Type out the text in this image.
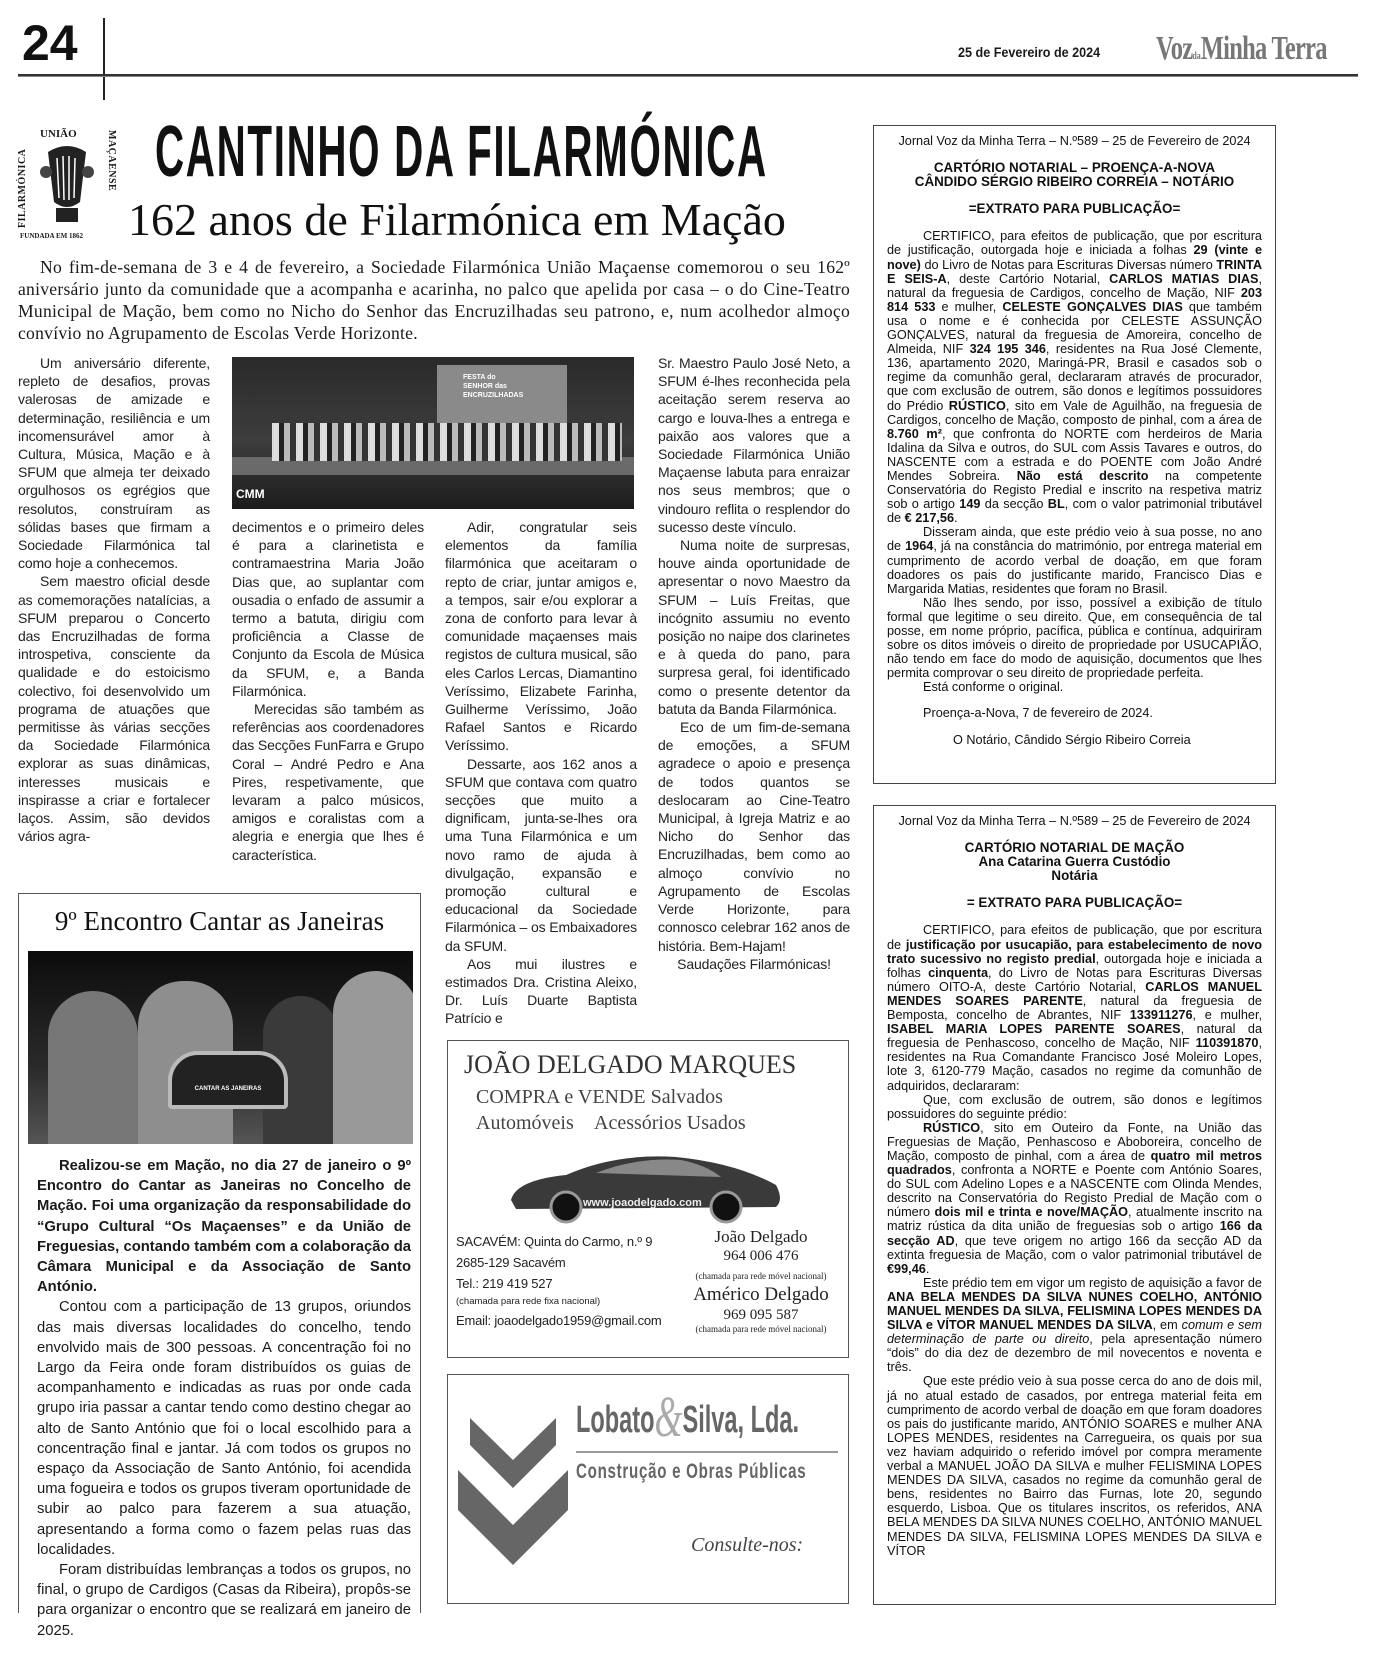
24	25 de Fevereiro de 2024 VozdaMinha Terra
UNIÃO
FILARMÓNICA	MAÇAENSE
FUNDADA EM 1862
CANTINHO DA FILARMÓNICA
162 anos de Filarmónica em Mação

No fim-de-semana de 3 e 4 de fevereiro, a Sociedade Filarmónica União Maçaense comemorou o seu 162º aniversário junto da comunidade que a acompanha e acarinha, no palco que apelida por casa – o do Cine-Teatro Municipal de Mação, bem como no Nicho do Senhor das Encruzilhadas seu patrono, e, num acolhedor almoço convívio no Agrupamento de Escolas Verde Horizonte.

FESTA do SENHOR das ENCRUZILHADAS
CMM

Um aniversário diferente, repleto de desafios, provas valerosas de amizade e determinação, resiliência e um incomensurável amor à Cultura, Música, Mação e à SFUM que almeja ter deixado orgulhosos os egrégios que resolutos, construíram as sólidas bases que firmam a Sociedade Filarmónica tal como hoje a conhecemos.

Sem maestro oficial desde as comemorações natalícias, a SFUM preparou o Concerto das Encruzilhadas de forma introspetiva, consciente da qualidade e do estoicismo colectivo, foi desenvolvido um programa de atuações que permitisse às várias secções da Sociedade Filarmónica explorar as suas dinâmicas, interesses musicais e inspirasse a criar e fortalecer laços. Assim, são devidos vários agra-

decimentos e o primeiro deles é para a clarinetista e contramaestrina Maria João Dias que, ao suplantar com ousadia o enfado de assumir a termo a batuta, dirigiu com proficiência a Classe de Conjunto da Escola de Música da SFUM, e, a Banda Filarmónica.

Merecidas são também as referências aos coordenadores das Secções FunFarra e Grupo Coral – André Pedro e Ana Pires, respetivamente, que levaram a palco músicos, amigos e coralistas com a alegria e energia que lhes é característica.

Adir, congratular seis elementos da família filarmónica que aceitaram o repto de criar, juntar amigos e, a tempos, sair e/ou explorar a zona de conforto para levar à comunidade maçaenses mais registos de cultura musical, são eles Carlos Lercas, Diamantino Veríssimo, Elizabete Farinha, Guilherme Veríssimo, João Rafael Santos e Ricardo Veríssimo.

Dessarte, aos 162 anos a SFUM que contava com quatro secções que muito a dignificam, junta-se-lhes ora uma Tuna Filarmónica e um novo ramo de ajuda à divulgação, expansão e promoção cultural e educacional da Sociedade Filarmónica – os Embaixadores da SFUM.

Aos mui ilustres e estimados Dra. Cristina Aleixo, Dr. Luís Duarte Baptista Patrício e

Sr. Maestro Paulo José Neto, a SFUM é-lhes reconhecida pela aceitação serem reserva ao cargo e louva-lhes a entrega e paixão aos valores que a Sociedade Filarmónica União Maçaense labuta para enraizar nos seus membros; que o vindouro reflita o resplendor do sucesso deste vínculo.

Numa noite de surpresas, houve ainda oportunidade de apresentar o novo Maestro da SFUM – Luís Freitas, que incógnito assumiu no evento posição no naipe dos clarinetes e à queda do pano, para surpresa geral, foi identificado como o presente detentor da batuta da Banda Filarmónica.

Eco de um fim-de-semana de emoções, a SFUM agradece o apoio e presença de todos quantos se deslocaram ao Cine-Teatro Municipal, à Igreja Matriz e ao Nicho do Senhor das Encruzilhadas, bem como ao almoço convívio no Agrupamento de Escolas Verde Horizonte, para connosco celebrar 162 anos de história. Bem-Hajam!

Saudações Filarmónicas!

9º Encontro Cantar as Janeiras
CANTAR AS JANEIRAS

Realizou-se em Mação, no dia 27 de janeiro o 9º Encontro do Cantar as Janeiras no Concelho de Mação. Foi uma organização da responsabilidade do “Grupo Cultural “Os Maçaenses” e da União de Freguesias, contando também com a colaboração da Câmara Municipal e da Associação de Santo António.

Contou com a participação de 13 grupos, oriundos das mais diversas localidades do concelho, tendo envolvido mais de 300 pessoas. A concentração foi no Largo da Feira onde foram distribuídos os guias de acompanhamento e indicadas as ruas por onde cada grupo iria passar a cantar tendo como destino chegar ao alto de Santo António que foi o local escolhido para a concentração final e jantar. Já com todos os grupos no espaço da Associação de Santo António, foi acendida uma fogueira e todos os grupos tiveram oportunidade de subir ao palco para fazerem a sua atuação, apresentando a forma como o fazem pelas ruas das localidades.

Foram distribuídas lembranças a todos os grupos, no final, o grupo de Cardigos (Casas da Ribeira), propôs-se para organizar o encontro que se realizará em janeiro de 2025.

JOÃO DELGADO MARQUES
COMPRA e VENDE Salvados
Automóveis Acessórios Usados
www.joaodelgado.com
SACAVÉM: Quinta do Carmo, n.º 9
2685-129 Sacavém
Tel.: 219 419 527
(chamada para rede fixa nacional)
Email: joaodelgado1959@gmail.com
João Delgado
964 006 476
(chamada para rede móvel nacional)
Américo Delgado
969 095 587
(chamada para rede móvel nacional)
Lobato&Silva, Lda.
Construção e Obras Públicas
Consulte-nos:
Jornal Voz da Minha Terra – N.º589 – 25 de Fevereiro de 2024
CARTÓRIO NOTARIAL – PROENÇA-A-NOVA
CÂNDIDO SÉRGIO RIBEIRO CORREIA – NOTÁRIO
=EXTRATO PARA PUBLICAÇÃO=

CERTIFICO, para efeitos de publicação, que por escritura de justificação, outorgada hoje e iniciada a folhas 29 (vinte e nove) do Livro de Notas para Escrituras Diversas número TRINTA E SEIS-A, deste Cartório Notarial, CARLOS MATIAS DIAS, natural da freguesia de Cardigos, concelho de Mação, NIF 203 814 533 e mulher, CELESTE GONÇALVES DIAS que também usa o nome e é conhecida por CELESTE ASSUNÇÃO GONÇALVES, natural da freguesia de Amoreira, concelho de Almeida, NIF 324 195 346, residentes na Rua José Clemente, 136, apartamento 2020, Maringá-PR, Brasil e casados sob o regime da comunhão geral, declararam através de procurador, que com exclusão de outrem, são donos e legítimos possuidores do Prédio RÚSTICO, sito em Vale de Aguilhão, na freguesia de Cardigos, concelho de Mação, composto de pinhal, com a área de 8.760 m², que confronta do NORTE com herdeiros de Maria Idalina da Silva e outros, do SUL com Assis Tavares e outros, do NASCENTE com a estrada e do POENTE com João André Mendes Sobreira. Não está descrito na competente Conservatória do Registo Predial e inscrito na respetiva matriz sob o artigo 149 da secção BL, com o valor patrimonial tributável de € 217,56.

Disseram ainda, que este prédio veio à sua posse, no ano de 1964, já na constância do matrimónio, por entrega material em cumprimento de acordo verbal de doação, em que foram doadores os pais do justificante marido, Francisco Dias e Margarida Matias, residentes que foram no Brasil.

Não lhes sendo, por isso, possível a exibição de título formal que legitime o seu direito. Que, em consequência de tal posse, em nome próprio, pacífica, pública e contínua, adquiriram sobre os ditos imóveis o direito de propriedade por USUCAPIÃO, não tendo em face do modo de aquisição, documentos que lhes permita comprovar o seu direito de propriedade perfeita.

Está conforme o original.

Proença-a-Nova, 7 de fevereiro de 2024.
O Notário, Cândido Sérgio Ribeiro Correia
Jornal Voz da Minha Terra – N.º589 – 25 de Fevereiro de 2024
CARTÓRIO NOTARIAL DE MAÇÃO
Ana Catarina Guerra Custódio
Notária
= EXTRATO PARA PUBLICAÇÃO=

CERTIFICO, para efeitos de publicação, que por escritura de justificação por usucapião, para estabelecimento de novo trato sucessivo no registo predial, outorgada hoje e iniciada a folhas cinquenta, do Livro de Notas para Escrituras Diversas número OITO-A, deste Cartório Notarial, CARLOS MANUEL MENDES SOARES PARENTE, natural da freguesia de Bemposta, concelho de Abrantes, NIF 133911276, e mulher, ISABEL MARIA LOPES PARENTE SOARES, natural da freguesia de Penhascoso, concelho de Mação, NIF 110391870, residentes na Rua Comandante Francisco José Moleiro Lopes, lote 3, 6120-779 Mação, casados no regime da comunhão de adquiridos, declararam:

Que, com exclusão de outrem, são donos e legítimos possuidores do seguinte prédio:

RÚSTICO, sito em Outeiro da Fonte, na União das Freguesias de Mação, Penhascoso e Aboboreira, concelho de Mação, composto de pinhal, com a área de quatro mil metros quadrados, confronta a NORTE e Poente com António Soares, do SUL com Adelino Lopes e a NASCENTE com Olinda Mendes, descrito na Conservatória do Registo Predial de Mação com o número dois mil e trinta e nove/MAÇÃO, atualmente inscrito na matriz rústica da dita união de freguesias sob o artigo 166 da secção AD, que teve origem no artigo 166 da secção AD da extinta freguesia de Mação, com o valor patrimonial tributável de €99,46.

Este prédio tem em vigor um registo de aquisição a favor de ANA BELA MENDES DA SILVA NUNES COELHO, ANTÓNIO MANUEL MENDES DA SILVA, FELISMINA LOPES MENDES DA SILVA e VÍTOR MANUEL MENDES DA SILVA, em comum e sem determinação de parte ou direito, pela apresentação número “dois” do dia dez de dezembro de mil novecentos e noventa e três.

Que este prédio veio à sua posse cerca do ano de dois mil, já no atual estado de casados, por entrega material feita em cumprimento de acordo verbal de doação em que foram doadores os pais do justificante marido, ANTÓNIO SOARES e mulher ANA LOPES MENDES, residentes na Carregueira, os quais por sua vez haviam adquirido o referido imóvel por compra meramente verbal a MANUEL JOÃO DA SILVA e mulher FELISMINA LOPES MENDES DA SILVA, casados no regime da comunhão geral de bens, residentes no Bairro das Furnas, lote 20, segundo esquerdo, Lisboa. Que os titulares inscritos, os referidos, ANA BELA MENDES DA SILVA NUNES COELHO, ANTÓNIO MANUEL MENDES DA SILVA, FELISMINA LOPES MENDES DA SILVA e VÍTOR
